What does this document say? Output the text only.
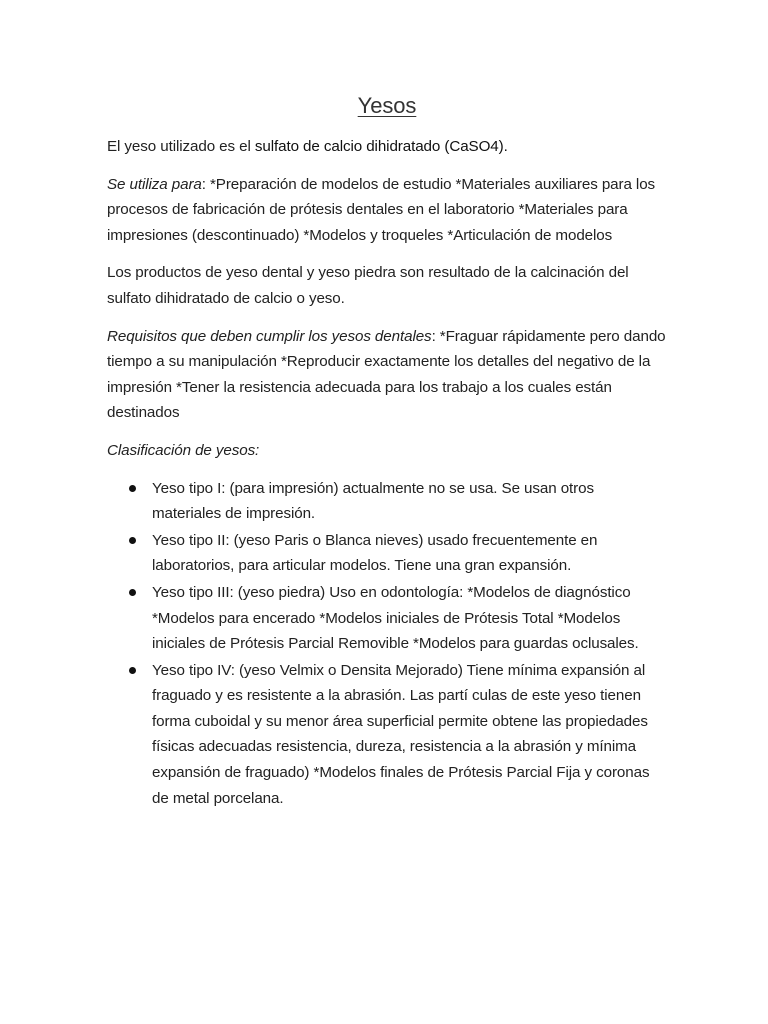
Yesos

El yeso utilizado es el sulfato de calcio dihidratado (CaSO4).

Se utiliza para: *Preparación de modelos de estudio *Materiales auxiliares para los procesos de fabricación de prótesis dentales en el laboratorio *Materiales para impresiones (descontinuado) *Modelos y troqueles *Articulación de modelos

Los productos de yeso dental y yeso piedra son resultado de la calcinación del sulfato dihidratado de calcio o yeso.

Requisitos que deben cumplir los yesos dentales: *Fraguar rápidamente pero dando tiempo a su manipulación *Reproducir exactamente los detalles del negativo de la impresión *Tener la resistencia adecuada para los trabajo a los cuales están destinados

Clasificación de yesos:

Yeso tipo I: (para impresión) actualmente no se usa. Se usan otros materiales de impresión.
Yeso tipo II: (yeso Paris o Blanca nieves) usado frecuentemente en laboratorios, para articular modelos. Tiene una gran expansión.
Yeso tipo III: (yeso piedra) Uso en odontología: *Modelos de diagnóstico *Modelos para encerado *Modelos iniciales de Prótesis Total *Modelos iniciales de Prótesis Parcial Removible *Modelos para guardas oclusales.
Yeso tipo IV: (yeso Velmix o Densita Mejorado) Tiene mínima expansión al fraguado y es resistente a la abrasión. Las partí culas de este yeso tienen forma cuboidal y su menor área superficial permite obtene las propiedades físicas adecuadas resistencia, dureza, resistencia a la abrasión y mínima expansión de fraguado) *Modelos finales de Prótesis Parcial Fija y coronas de metal porcelana.
